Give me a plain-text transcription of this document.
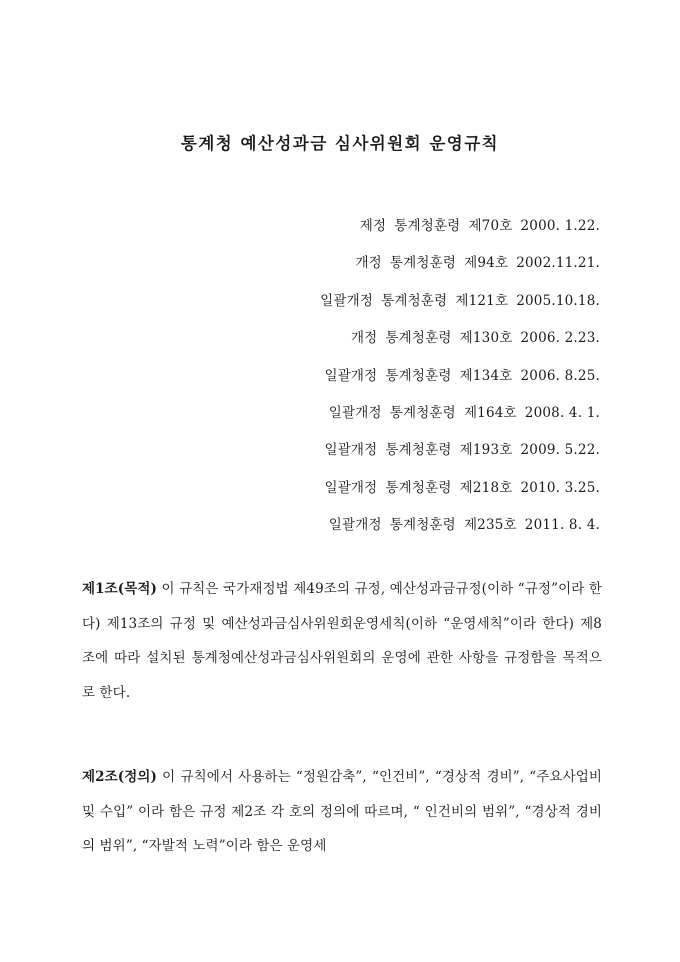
통계청 예산성과금 심사위원회 운영규칙
제정 통계청훈령 제70호 2000. 1.22.
개정 통계청훈령 제94호 2002.11.21.
일괄개정 통계청훈령 제121호 2005.10.18.
개정 통계청훈령 제130호 2006. 2.23.
일괄개정 통계청훈령 제134호 2006. 8.25.
일괄개정 통계청훈령 제164호 2008. 4. 1.
일괄개정 통계청훈령 제193호 2009. 5.22.
일괄개정 통계청훈령 제218호 2010. 3.25.
일괄개정 통계청훈령 제235호 2011. 8. 4.
제1조(목적) 이 규칙은 국가재정법 제49조의 규정, 예산성과금규정(이하 “규정”이라 한다) 제13조의 규정 및 예산성과금심사위원회운영세칙(이하 “운영세칙”이라 한다) 제8조에 따라 설치된 통계청예산성과금심사위원회의 운영에 관한 사항을 규정함을 목적으로 한다.
제2조(정의) 이 규칙에서 사용하는 “정원감축”, “인건비”, “경상적 경비”, “주요사업비 및 수입” 이라 함은 규정 제2조 각 호의 정의에 따르며, “ 인건비의 범위”, “경상적 경비의 범위”, “자발적 노력”이라 함은 운영세
